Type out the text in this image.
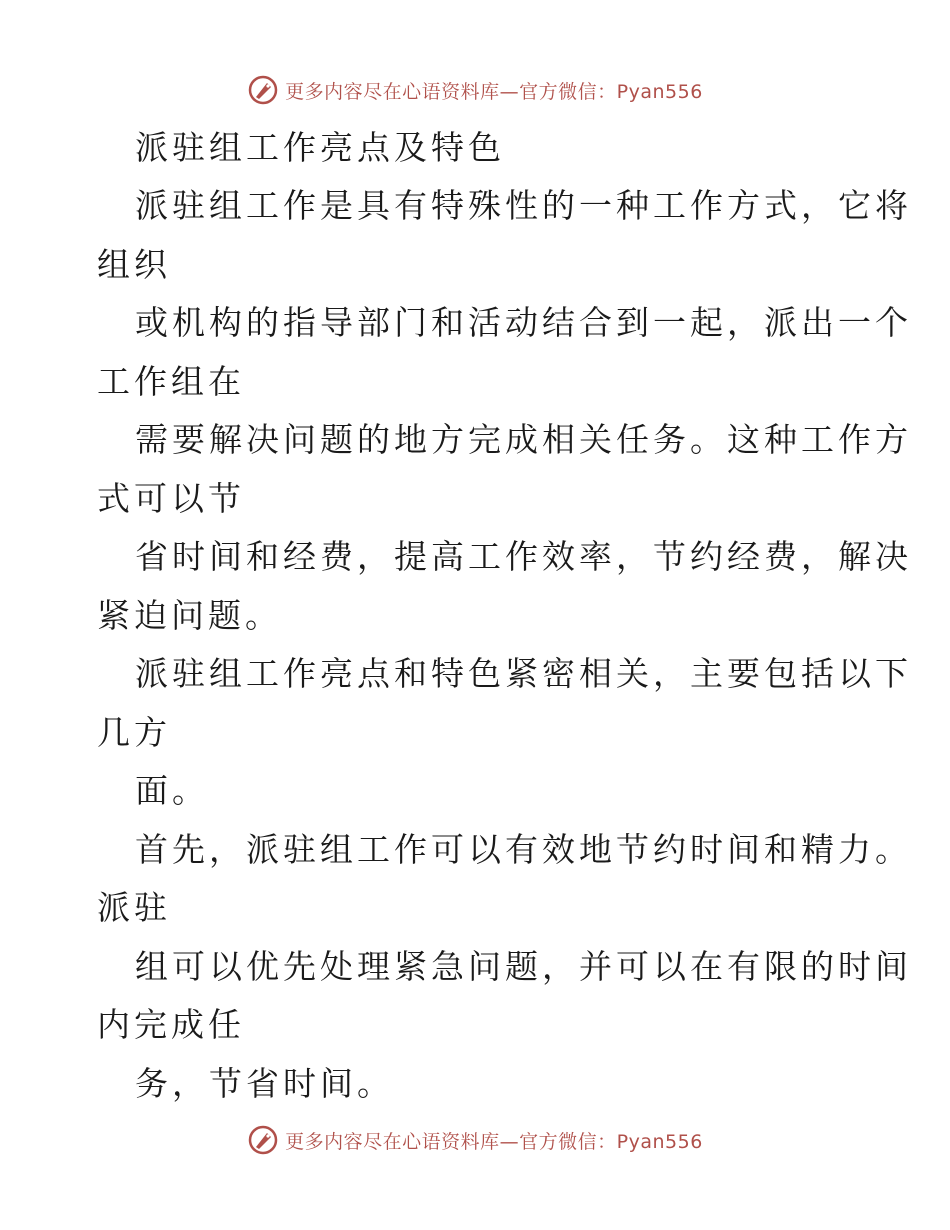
更多内容尽在心语资料库—官方微信：Pyan556
派驻组工作亮点及特色
派驻组工作是具有特殊性的一种工作方式，它将
组织
或机构的指导部门和活动结合到一起，派出一个
工作组在
需要解决问题的地方完成相关任务。这种工作方
式可以节
省时间和经费，提高工作效率，节约经费，解决
紧迫问题。
派驻组工作亮点和特色紧密相关，主要包括以下
几方
面。
首先，派驻组工作可以有效地节约时间和精力。
派驻
组可以优先处理紧急问题，并可以在有限的时间
内完成任
务，节省时间。
更多内容尽在心语资料库—官方微信：Pyan556
